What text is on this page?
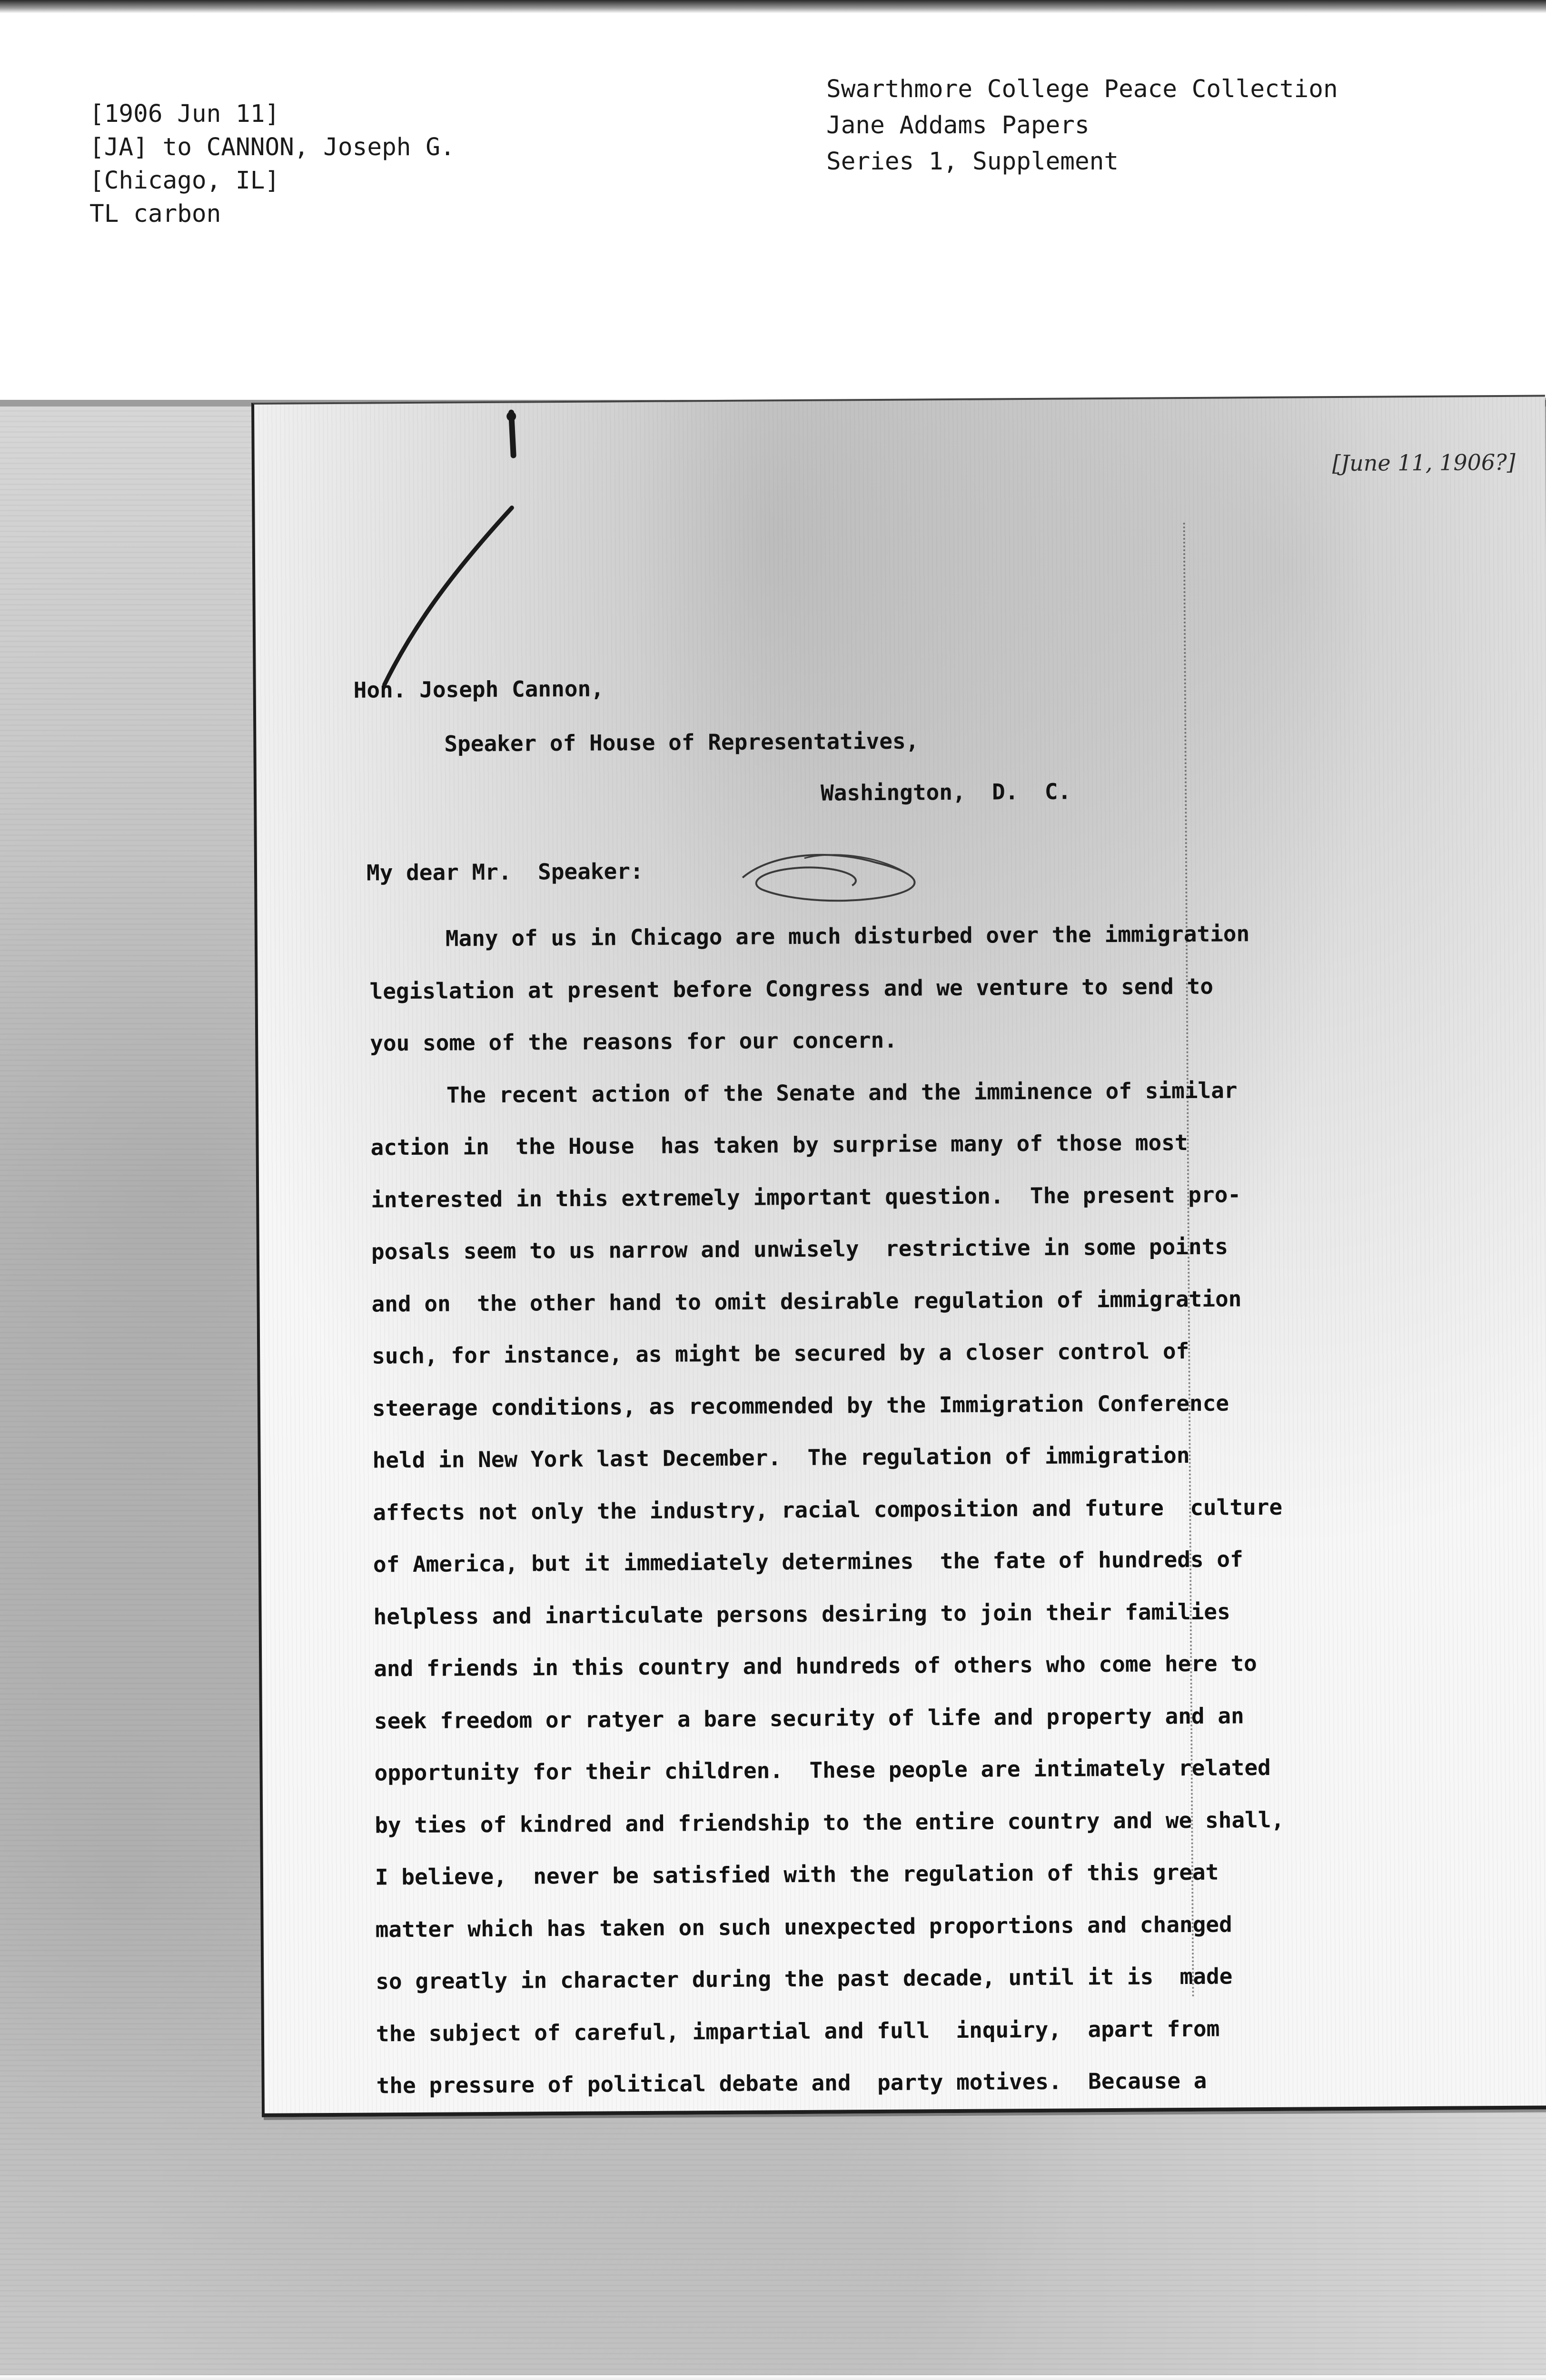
[1906 Jun 11]
[JA] to CANNON, Joseph G.
[Chicago, IL]
TL carbon
Swarthmore College Peace Collection
Jane Addams Papers
Series 1, Supplement
[June 11, 1906?]
Hon. Joseph Cannon,
Speaker of House of Representatives,
Washington,  D.  C.
My dear Mr.  Speaker:
Many of us in Chicago are much disturbed over the immigration
legislation at present before Congress and we venture to send to
you some of the reasons for our concern.
The recent action of the Senate and the imminence of similar
action in  the House  has taken by surprise many of those most
interested in this extremely important question.  The present pro-
posals seem to us narrow and unwisely  restrictive in some points
and on  the other hand to omit desirable regulation of immigration
such, for instance, as might be secured by a closer control of
steerage conditions, as recommended by the Immigration Conference
held in New York last December.  The regulation of immigration
affects not only the industry, racial composition and future  culture
of America, but it immediately determines  the fate of hundreds of
helpless and inarticulate persons desiring to join their families
and friends in this country and hundreds of others who come here to
seek freedom or ratyer a bare security of life and property and an
opportunity for their children.  These people are intimately related
by ties of kindred and friendship to the entire country and we shall,
I believe,  never be satisfied with the regulation of this great
matter which has taken on such unexpected proportions and changed
so greatly in character during the past decade, until it is  made
the subject of careful, impartial and full  inquiry,  apart from
the pressure of political debate and  party motives.  Because a
